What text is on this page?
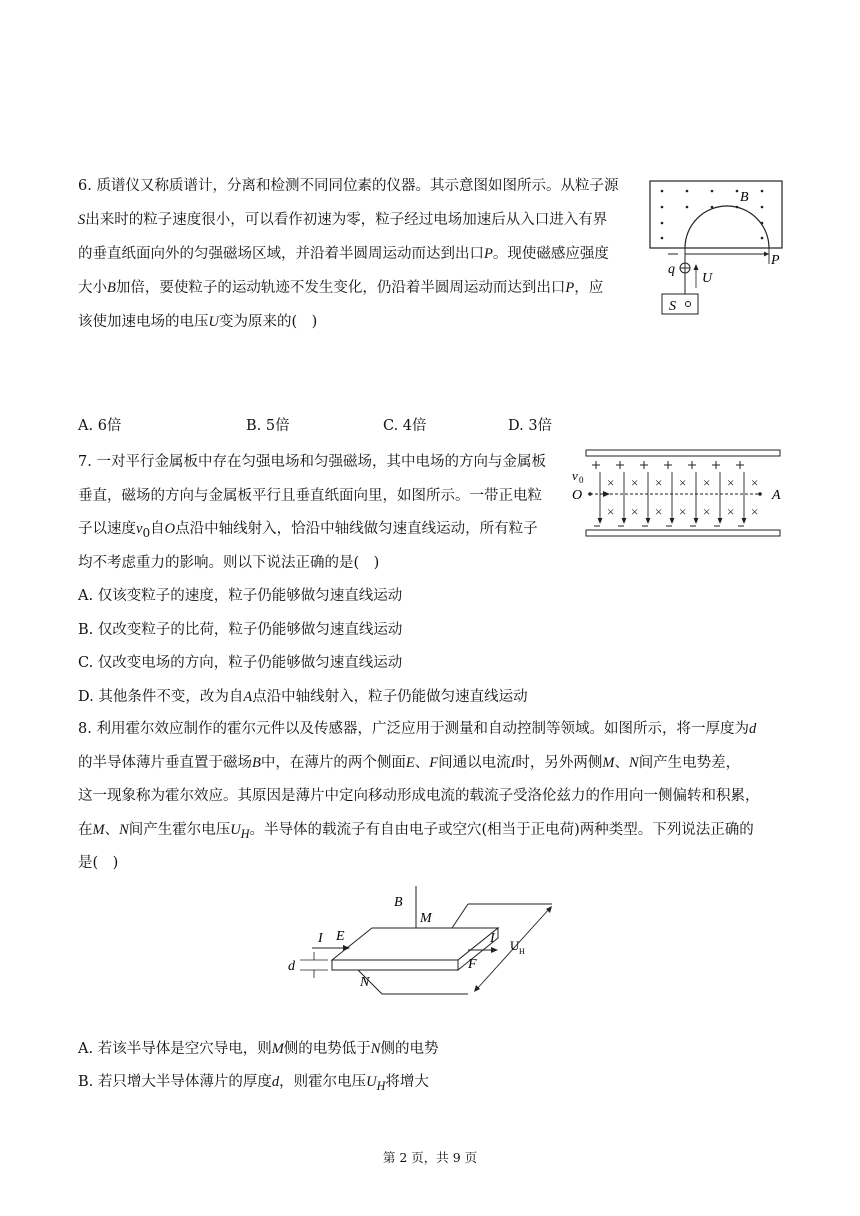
6. 质谱仪又称质谱计，分离和检测不同同位素的仪器。其示意图如图所示。从粒子源
S出来时的粒子速度很小，可以看作初速为零，粒子经过电场加速后从入口进入有界
的垂直纸面向外的匀强磁场区域，并沿着半圆周运动而达到出口P。现使磁感应强度
大小B加倍，要使粒子的运动轨迹不发生变化，仍沿着半圆周运动而达到出口P，应
该使加速电场的电压U变为原来的(　)
A. 6倍	B. 5倍	C. 4倍	D. 3倍
B
P
q
U
S
7. 一对平行金属板中存在匀强电场和匀强磁场，其中电场的方向与金属板
垂直，磁场的方向与金属板平行且垂直纸面向里，如图所示。一带正电粒
子以速度$v_0$自O点沿中轴线射入，恰沿中轴线做匀速直线运动，所有粒子
均不考虑重力的影响。则以下说法正确的是(　)
A. 仅该变粒子的速度，粒子仍能够做匀速直线运动
B. 仅改变粒子的比荷，粒子仍能够做匀速直线运动
C. 仅改变电场的方向，粒子仍能够做匀速直线运动
D. 其他条件不变，改为自A点沿中轴线射入，粒子仍能做匀速直线运动
× × × × × × ×
× × × × × × ×
v 0
O	A
8. 利用霍尔效应制作的霍尔元件以及传感器，广泛应用于测量和自动控制等领域。如图所示，将一厚度为d
的半导体薄片垂直置于磁场B中，在薄片的两个侧面E、F间通以电流I时，另外两侧M、N间产生电势差，
这一现象称为霍尔效应。其原因是薄片中定向移动形成电流的载流子受洛伦兹力的作用向一侧偏转和积累，
在M、N间产生霍尔电压$U_H$。半导体的载流子有自由电子或空穴(相当于正电荷)两种类型。下列说法正确的
是(　)
B
M
U H
I E	I
F
N
d
A. 若该半导体是空穴导电，则M侧的电势低于N侧的电势
B. 若只增大半导体薄片的厚度d，则霍尔电压$U_H$将增大
第 2 页，共 9 页
